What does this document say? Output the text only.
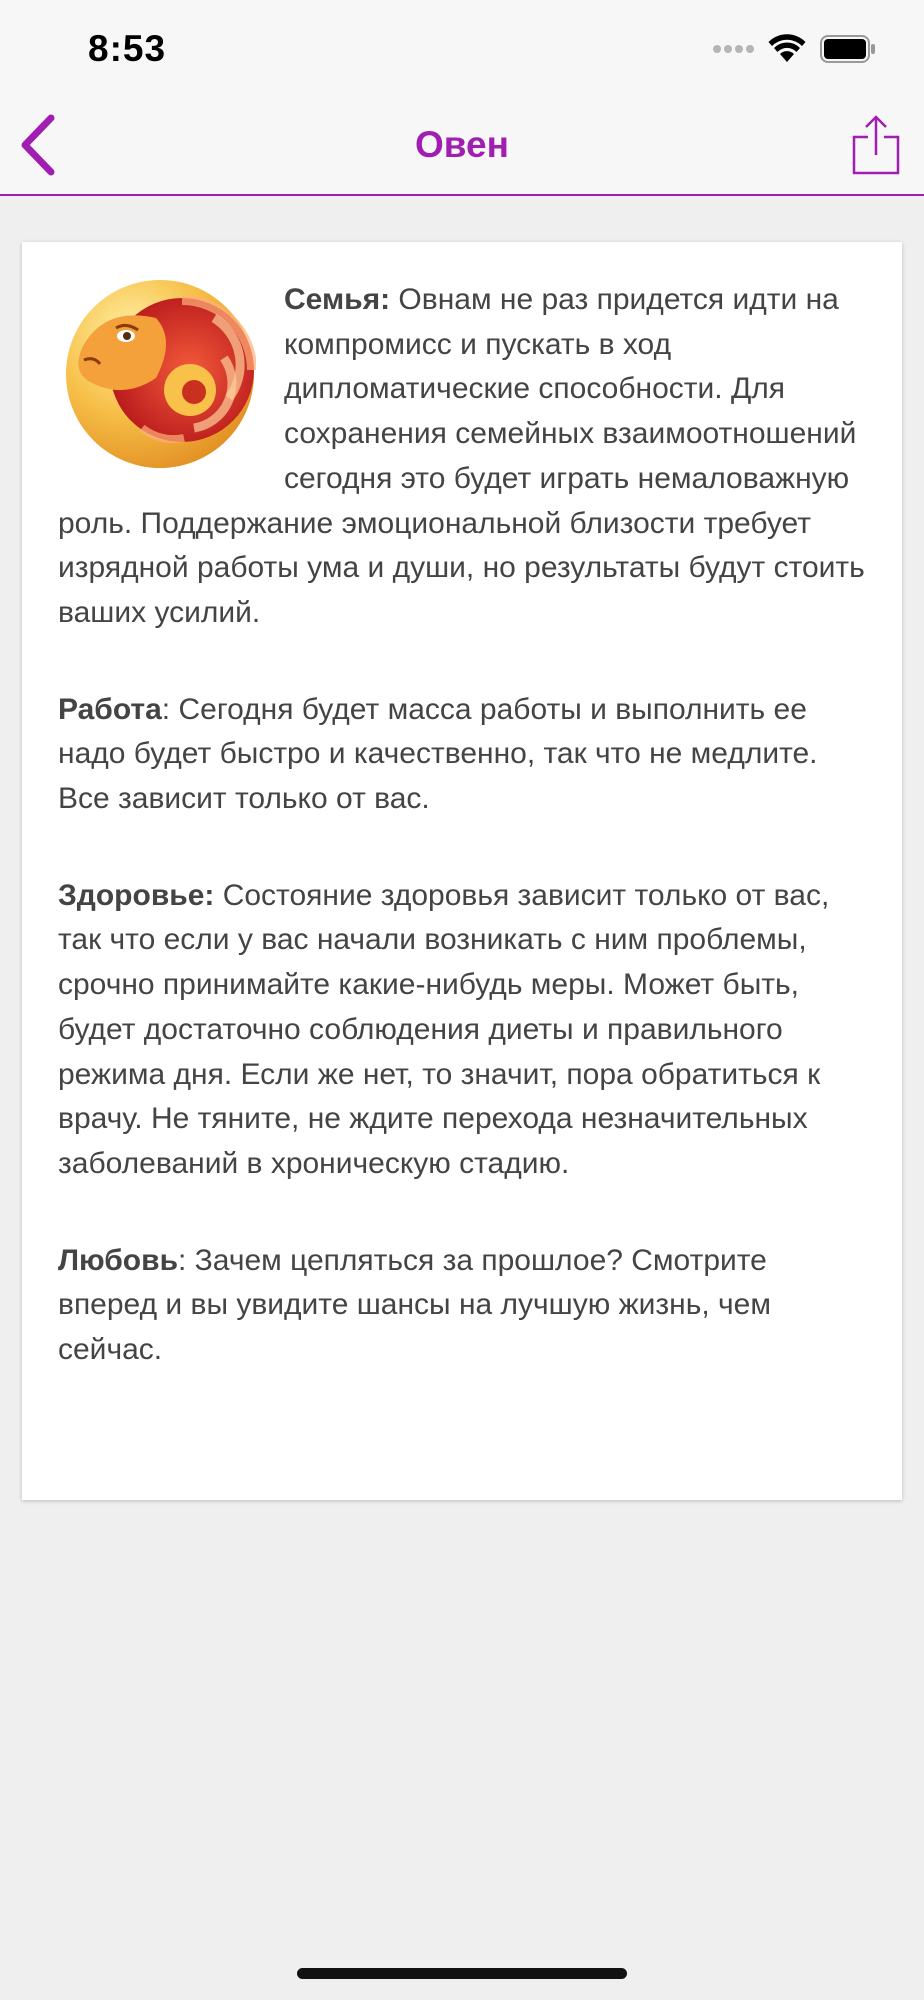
8:53
Овен

Семья: Овнам не раз придется идти на компромисс и пускать в ход дипломатические способности. Для сохранения семейных взаимоотношений сегодня это будет играть немаловажную роль. Поддержание эмоциональной близости требует изрядной работы ума и души, но результаты будут стоить ваших усилий.

Работа: Сегодня будет масса работы и выполнить ее надо будет быстро и качественно, так что не медлите. Все зависит только от вас.

Здоровье: Состояние здоровья зависит только от вас, так что если у вас начали возникать с ним проблемы, срочно принимайте какие-нибудь меры. Может быть, будет достаточно соблюдения диеты и правильного режима дня. Если же нет, то значит, пора обратиться к врачу. Не тяните, не ждите перехода незначительных заболеваний в хроническую стадию.

Любовь: Зачем цепляться за прошлое? Смотрите вперед и вы увидите шансы на лучшую жизнь, чем сейчас.
